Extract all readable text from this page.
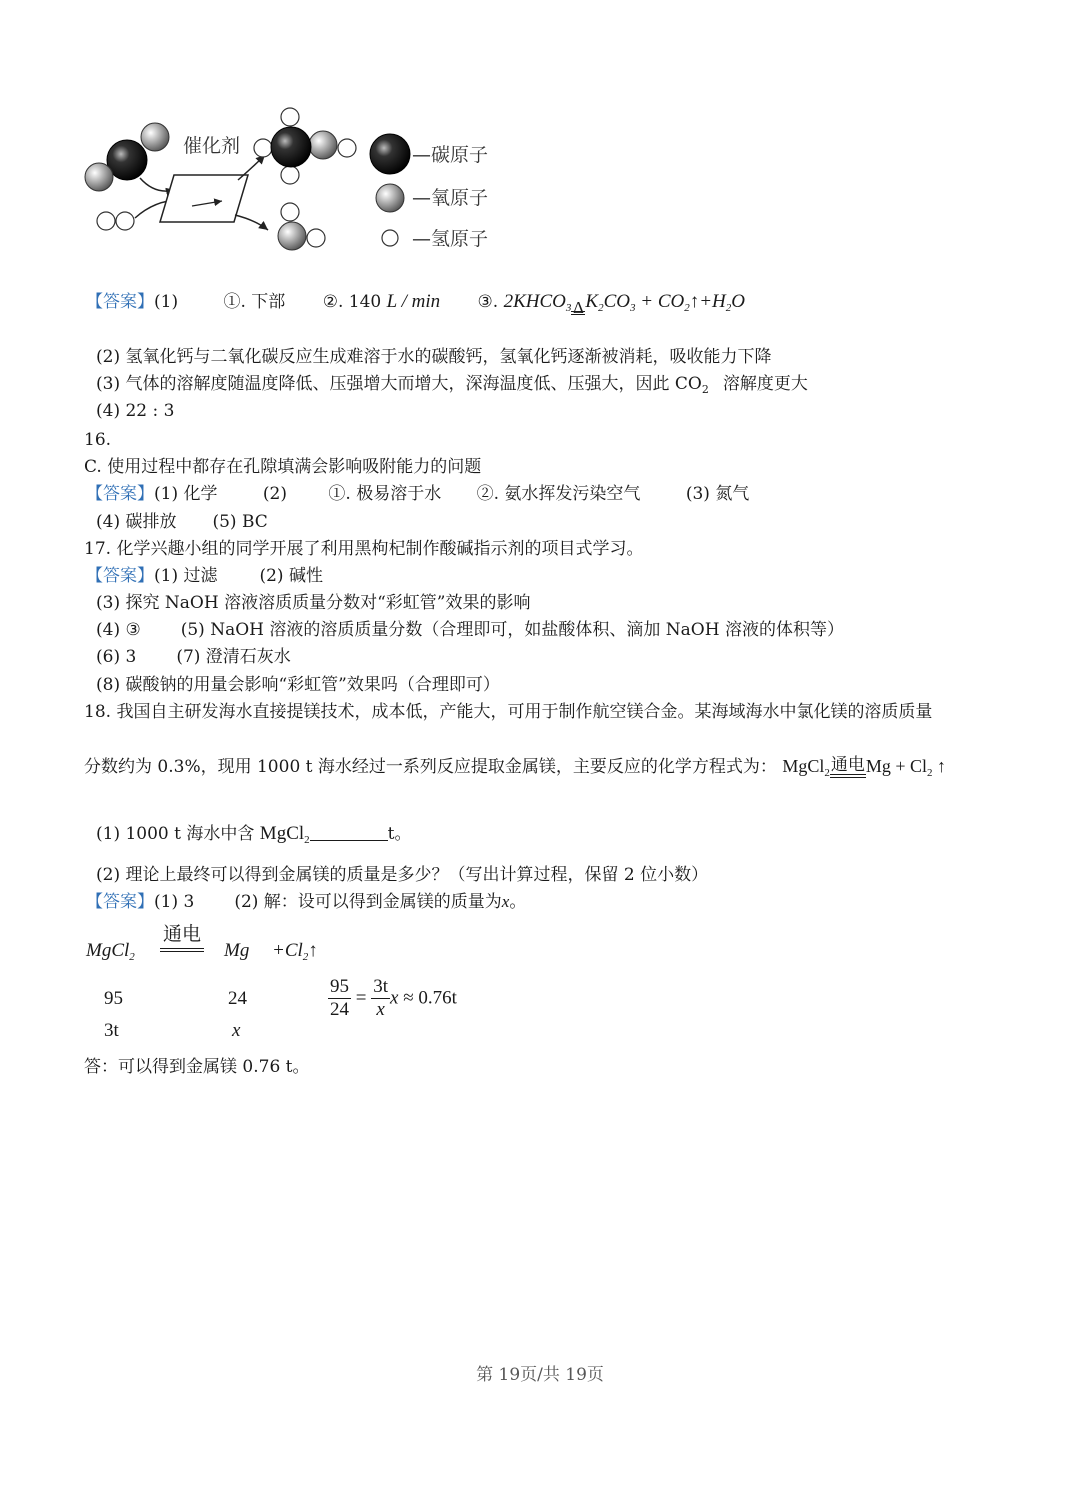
催化剂	—碳原子
—氧原子
—氢原子
【答案】(1)	①. 下部 ②. 140 L / min ③. $2KHCO_3$ Δ $K_2CO_3$ + $CO_2↑+H_2O$
(2) 氢氧化钙与二氧化碳反应生成难溶于水的碳酸钙，氢氧化钙逐渐被消耗，吸收能力下降
(3) 气体的溶解度随温度降低、压强增大而增大，深海温度低、压强大，因此 $CO_2$ 溶解度更大
(4) 22 : 3
16.
C. 使用过程中都存在孔隙填满会影响吸附能力的问题
【答案】(1) 化学	(2) ①. 极易溶于水 ②. 氨水挥发污染空气	(3) 氮气
(4) 碳排放 (5) BC
17. 化学兴趣小组的同学开展了利用黑枸杞制作酸碱指示剂的项目式学习。
【答案】(1) 过滤 (2) 碱性
(3) 探究 NaOH 溶液溶质质量分数对“彩虹管”效果的影响
(4) ③ (5) NaOH 溶液的溶质质量分数（合理即可，如盐酸体积、滴加 NaOH 溶液的体积等）
(6) 3 (7) 澄清石灰水
(8) 碳酸钠的用量会影响“彩虹管”效果吗（合理即可）
18. 我国自主研发海水直接提镁技术，成本低，产能大，可用于制作航空镁合金。某海域海水中氯化镁的溶质质量
分数约为 0.3%，现用 1000 t 海水经过一系列反应提取金属镁，主要反应的化学方程式为： MgCl$_2$ 通电 $Mg + Cl_2$ ↑
(1) 1000 t 海水中含 MgCl$_2$	t。
(2) 理论上最终可以得到金属镁的质量是多少？（写出计算过程，保留 2 位小数）
【答案】(1) 3 (2) 解：设可以得到金属镁的质量为x。
MgCl$_2$
通电
$Mg +Cl_2↑$
95	24
3t	x
$\frac{95}{24} = \frac{3t}{x}$ x ≈ 0.76t
答：可以得到金属镁 0.76 t。
第 19页/共 19页
